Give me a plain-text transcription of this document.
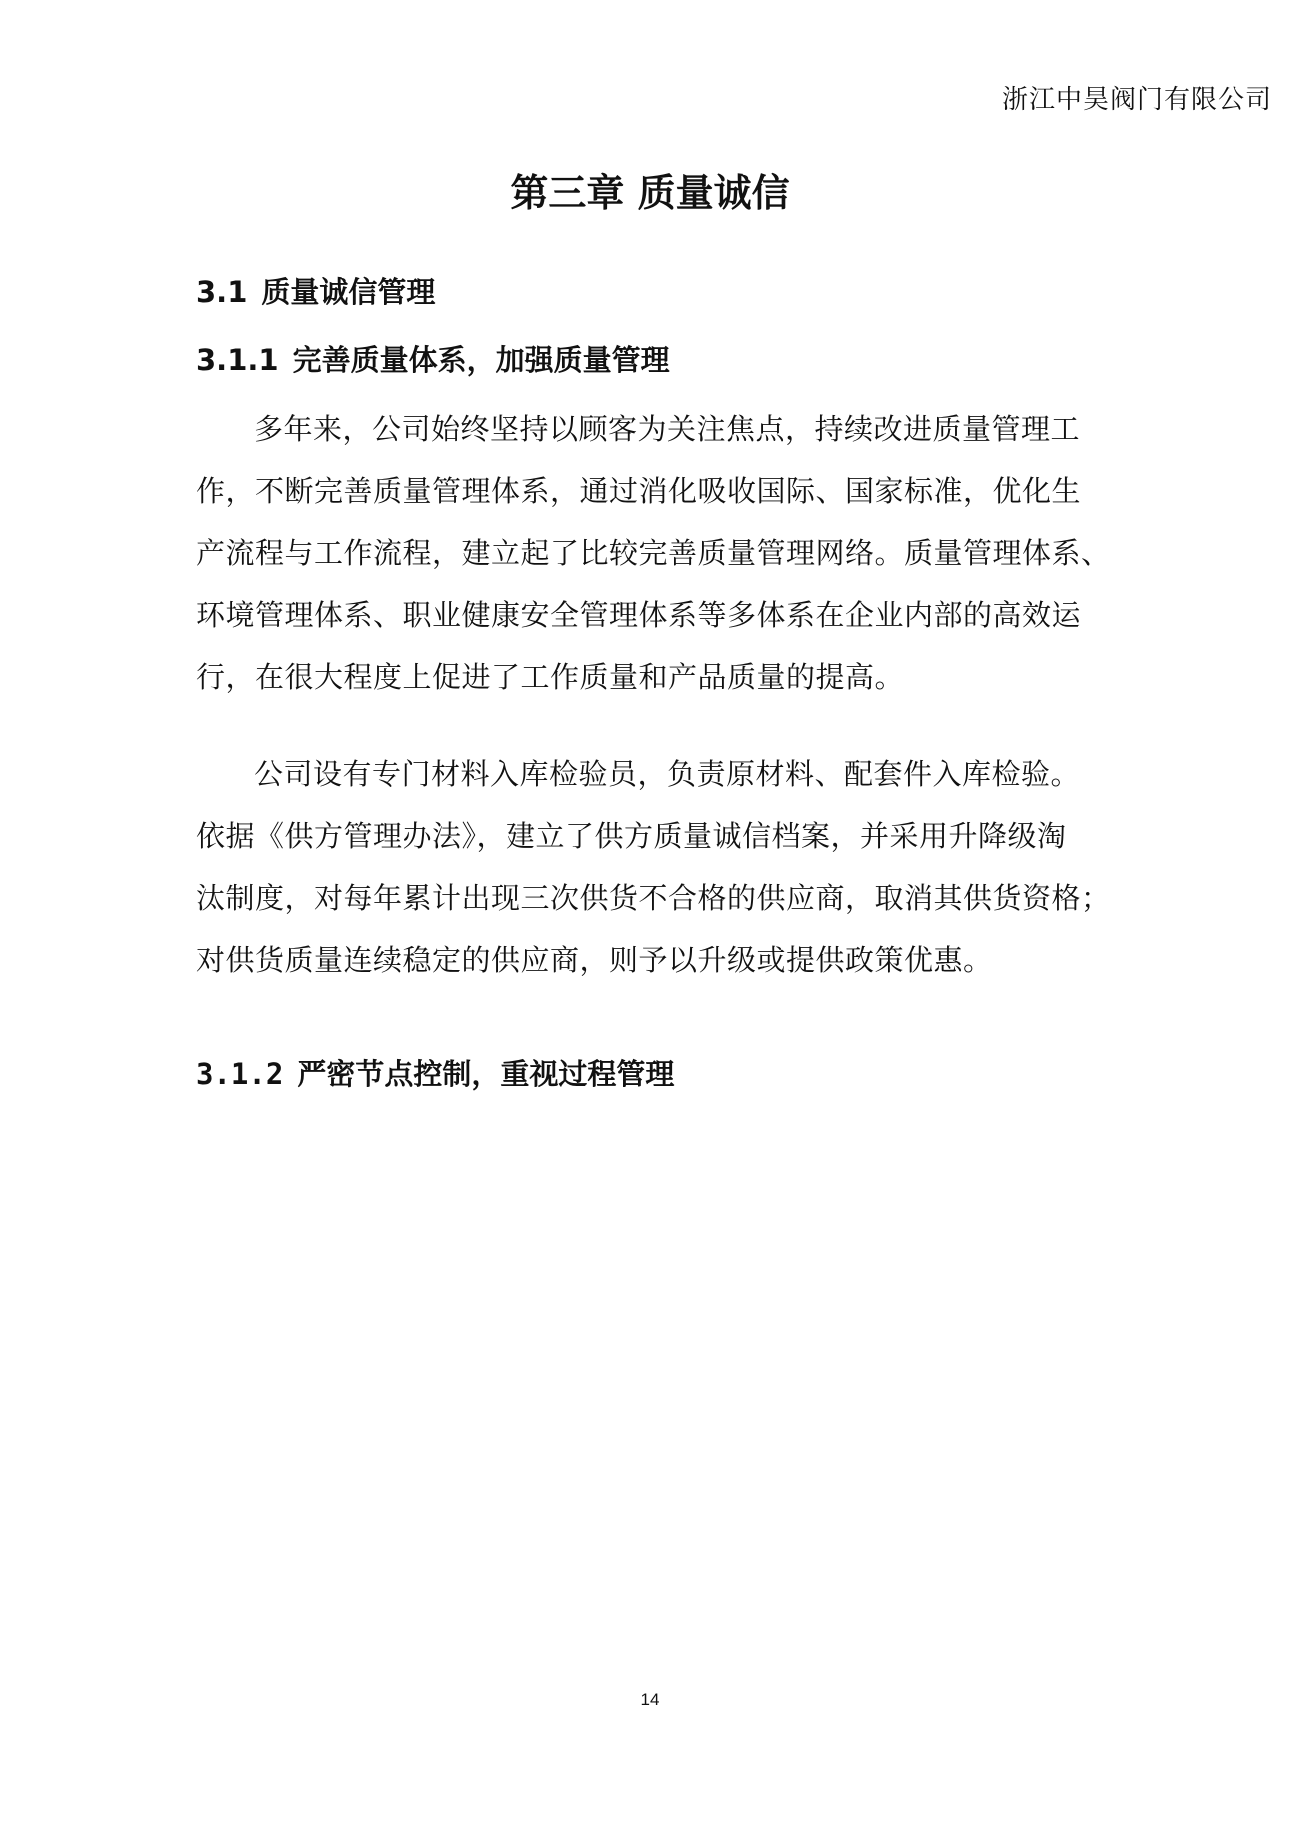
浙江中昊阀门有限公司
第三章 质量诚信
3.1 质量诚信管理
3.1.1 完善质量体系，加强质量管理
多年来，公司始终坚持以顾客为关注焦点，持续改进质量管理工
作，不断完善质量管理体系，通过消化吸收国际、国家标准，优化生
产流程与工作流程，建立起了比较完善质量管理网络。质量管理体系、
环境管理体系、职业健康安全管理体系等多体系在企业内部的高效运
行，在很大程度上促进了工作质量和产品质量的提高。
公司设有专门材料入库检验员，负责原材料、配套件入库检验。
依据《供方管理办法》，建立了供方质量诚信档案，并采用升降级淘
汰制度，对每年累计出现三次供货不合格的供应商，取消其供货资格；
对供货质量连续稳定的供应商，则予以升级或提供政策优惠。
3.1.2 严密节点控制，重视过程管理
14
